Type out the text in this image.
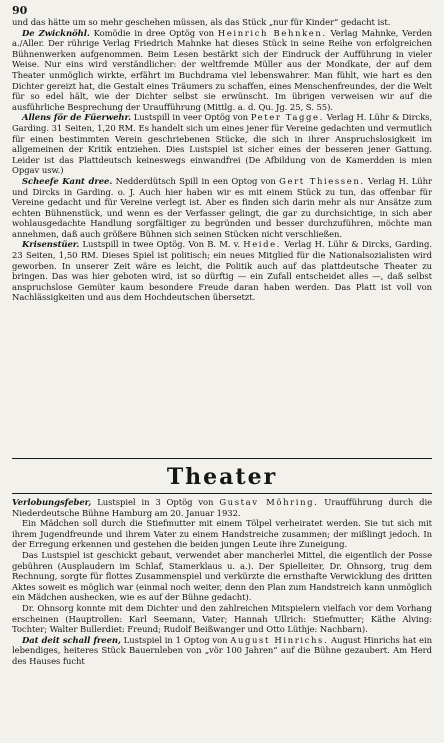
90

und das hätte um so mehr geschehen müssen, als das Stück „nur für Kinder“ gedacht ist.

De Zwicknöhl. Komödie in dree Optög von Heinrich Behnken. Verlag Mahnke, Verden a./Aller. Der rührige Verlag Friedrich Mahnke hat dieses Stück in seine Reihe von erfolgreichen Bühnenwerken aufgenommen. Beim Lesen bestärkt sich der Eindruck der Aufführung in vieler Weise. Nur eins wird verständlicher: der weltfremde Müller aus der Mondkate, der auf dem Theater unmöglich wirkte, erfährt im Buchdrama viel lebenswahrer. Man fühlt, wie hart es den Dichter gereizt hat, die Gestalt eines Träumers zu schaffen, eines Menschenfreundes, der die Welt für so edel hält, wie der Dichter selbst sie erwünscht. Im übrigen verweisen wir auf die ausführliche Besprechung der Uraufführung (Mittlg. a. d. Qu. Jg. 25, S. 55).

Allens för de Füerwehr. Lustspill in veer Optög von Peter Tagge. Verlag H. Lühr & Dircks, Garding. 31 Seiten, 1,20 RM. Es handelt sich um eines jener für Vereine gedachten und vermutlich für einen bestimmten Verein geschriebenen Stücke, die sich in ihrer Anspruchslosigkeit im allgemeinen der Kritik entziehen. Dies Lustspiel ist sicher eines der besseren jener Gattung. Leider ist das Plattdeutsch keineswegs einwandfrei (De Afbildung von de Kamerdden is mien Opgav usw.)

Scheefe Kant dree. Nedderdütsch Spill in een Optog von Gert Thiessen. Verlag H. Lühr und Dircks in Garding. o. J. Auch hier haben wir es mit einem Stück zu tun, das offenbar für Vereine gedacht und für Vereine verlegt ist. Aber es finden sich darin mehr als nur Ansätze zum echten Bühnenstück, und wenn es der Verfasser gelingt, die gar zu durchsichtige, in sich aber wohlausgedachte Handlung sorgfältiger zu begründen und besser durchzuführen, möchte man annehmen, daß auch größere Bühnen sich seinen Stücken nicht verschließen.

Krisenstüer. Lustspill in twee Optög. Von B. M. v. Heide. Verlag H. Lühr & Dircks, Garding. 23 Seiten, 1,50 RM. Dieses Spiel ist politisch; ein neues Mitglied für die Nationalsozialisten wird geworben. In unserer Zeit wäre es leicht, die Politik auch auf das plattdeutsche Theater zu bringen. Das was hier geboten wird, ist so dürftig — ein Zufall entscheidet alles —, daß selbst anspruchslose Gemüter kaum besondere Freude daran haben werden. Das Platt ist voll von Nachlässigkeiten und aus dem Hochdeutschen übersetzt.

Theater

Verlobungsfeber, Lustspiel in 3 Optög von Gustav Möhring. Uraufführung durch die Niederdeutsche Bühne Hamburg am 20. Januar 1932.

Ein Mädchen soll durch die Stiefmutter mit einem Tölpel verheiratet werden. Sie tut sich mit ihrem Jugendfreunde und ihrem Vater zu einem Handstreiche zusammen; der mißlingt jedoch. In der Erregung erkennen und gestehen die beiden jungen Leute ihre Zuneigung.

Das Lustspiel ist geschickt gebaut, verwendet aber mancherlei Mittel, die eigentlich der Posse gebühren (Ausplaudern im Schlaf, Stamerklaus u. a.). Der Spielleiter, Dr. Ohnsorg, trug dem Rechnung, sorgte für flottes Zusammenspiel und verkürzte die ernsthafte Verwicklung des dritten Aktes soweit es möglich war (einmal noch weiter, denn den Plan zum Handstreich kann unmöglich ein Mädchen aushecken, wie es auf der Bühne gedacht).

Dr. Ohnsorg konnte mit dem Dichter und den zahlreichen Mitspielern vielfach vor dem Vorhang erscheinen (Hauptrollen: Karl Seemann, Vater; Hannah Ullrich: Stiefmutter; Käthe Alving: Tochter; Walter Bullerdiet: Freund; Rudolf Beißwanger und Otto Lüthje: Nachbarn).

Dat deit schall freen, Lustspiel in 1 Optog von August Hinrichs. August Hinrichs hat ein lebendiges, heiteres Stück Bauernleben von „vör 100 Jahren“ auf die Bühne gezaubert. Am Herd des Hauses fucht
